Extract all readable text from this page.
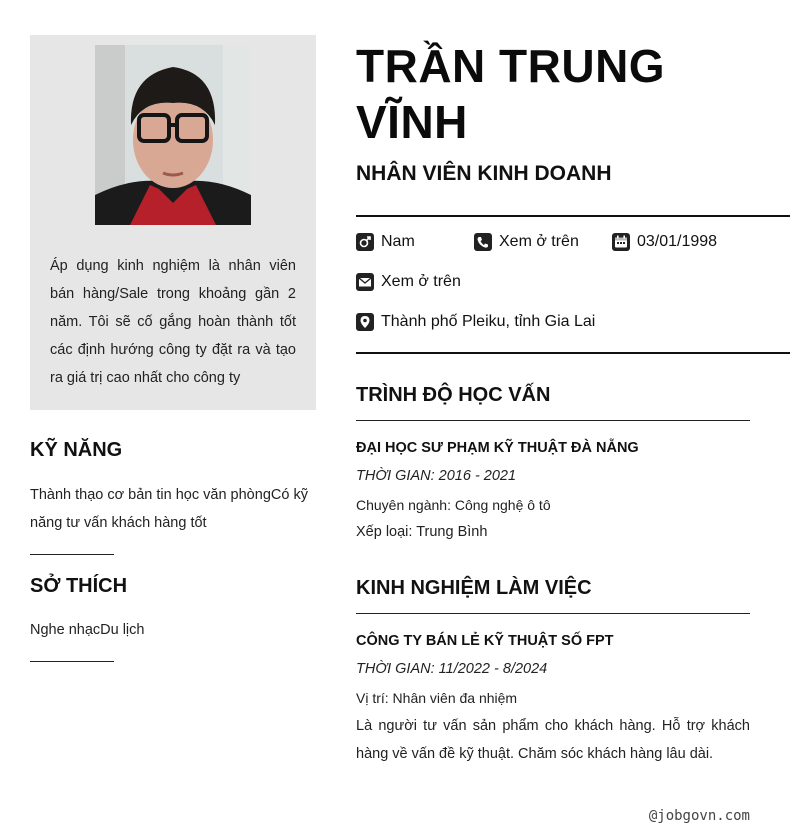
Áp dụng kinh nghiệm là nhân viên bán hàng/Sale trong khoảng gần 2 năm. Tôi sẽ cố gắng hoàn thành tốt các định hướng công ty đặt ra và tạo ra giá trị cao nhất cho công ty

KỸ NĂNG

Thành thạo cơ bản tin học văn phòngCó kỹ năng tư vấn khách hàng tốt

SỞ THÍCH

Nghe nhạcDu lịch

TRẦN TRUNG VĨNH
NHÂN VIÊN KINH DOANH
Nam	Xem ở trên	03/01/1998
Xem ở trên
Thành phố Pleiku, tỉnh Gia Lai
TRÌNH ĐỘ HỌC VẤN
ĐẠI HỌC SƯ PHẠM KỸ THUẬT ĐÀ NẴNG
THỜI GIAN: 2016 - 2021
Chuyên ngành: Công nghệ ô tô
Xếp loại: Trung Bình
KINH NGHIỆM LÀM VIỆC
CÔNG TY BÁN LẺ KỸ THUẬT SỐ FPT
THỜI GIAN: 11/2022 - 8/2024
Vị trí: Nhân viên đa nhiệm

Là người tư vấn sản phẩm cho khách hàng. Hỗ trợ khách hàng về vấn đề kỹ thuật. Chăm sóc khách hàng lâu dài.

@jobgovn.com
